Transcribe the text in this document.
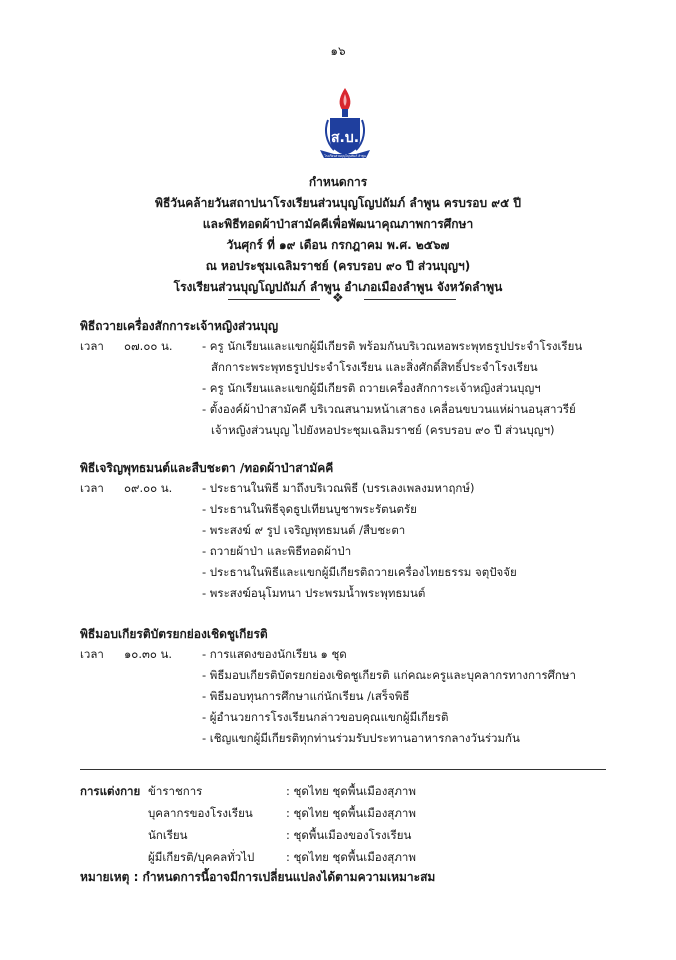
๑๖
ส.บ.
โรงเรียนส่วนบุญโญปถัมภ์ ลำพูน
กำหนดการ
พิธีวันคล้ายวันสถาปนาโรงเรียนส่วนบุญโญปถัมภ์ ลำพูน ครบรอบ ๙๕ ปี
และพิธีทอดผ้าป่าสามัคคีเพื่อพัฒนาคุณภาพการศึกษา
วันศุกร์ ที่ ๑๙ เดือน กรกฎาคม พ.ศ. ๒๕๖๗
ณ หอประชุมเฉลิมราชย์ (ครบรอบ ๙๐ ปี ส่วนบุญฯ)
โรงเรียนส่วนบุญโญปถัมภ์ ลำพูน อำเภอเมืองลำพูน จังหวัดลำพูน
❖
พิธีถวายเครื่องสักการะเจ้าหญิงส่วนบุญ
เวลา ๐๗.๐๐ น.	- ครู นักเรียนและแขกผู้มีเกียรติ พร้อมกันบริเวณหอพระพุทธรูปประจำโรงเรียน
สักการะพระพุทธรูปประจำโรงเรียน และสิ่งศักดิ์สิทธิ์ประจำโรงเรียน
- ครู นักเรียนและแขกผู้มีเกียรติ ถวายเครื่องสักการะเจ้าหญิงส่วนบุญฯ
- ตั้งองค์ผ้าป่าสามัคคี บริเวณสนามหน้าเสาธง เคลื่อนขบวนแห่ผ่านอนุสาวรีย์
เจ้าหญิงส่วนบุญ ไปยังหอประชุมเฉลิมราชย์ (ครบรอบ ๙๐ ปี ส่วนบุญฯ)
พิธีเจริญพุทธมนต์และสืบชะตา /ทอดผ้าป่าสามัคคี
เวลา ๐๙.๐๐ น.	- ประธานในพิธี มาถึงบริเวณพิธี (บรรเลงเพลงมหาฤกษ์)
- ประธานในพิธีจุดธูปเทียนบูชาพระรัตนตรัย
- พระสงฆ์ ๙ รูป เจริญพุทธมนต์ /สืบชะตา
- ถวายผ้าป่า และพิธีทอดผ้าป่า
- ประธานในพิธีและแขกผู้มีเกียรติถวายเครื่องไทยธรรม จตุปัจจัย
- พระสงฆ์อนุโมทนา ประพรมน้ำพระพุทธมนต์
พิธีมอบเกียรติบัตรยกย่องเชิดชูเกียรติ
เวลา ๑๐.๓๐ น.	- การแสดงของนักเรียน ๑ ชุด
- พิธีมอบเกียรติบัตรยกย่องเชิดชูเกียรติ แก่คณะครูและบุคลากรทางการศึกษา
- พิธีมอบทุนการศึกษาแก่นักเรียน /เสร็จพิธี
- ผู้อำนวยการโรงเรียนกล่าวขอบคุณแขกผู้มีเกียรติ
- เชิญแขกผู้มีเกียรติทุกท่านร่วมรับประทานอาหารกลางวันร่วมกัน
การแต่งกาย ข้าราชการ	: ชุดไทย ชุดพื้นเมืองสุภาพ
บุคลากรของโรงเรียน	: ชุดไทย ชุดพื้นเมืองสุภาพ
นักเรียน	: ชุดพื้นเมืองของโรงเรียน
ผู้มีเกียรติ/บุคคลทั่วไป	: ชุดไทย ชุดพื้นเมืองสุภาพ
หมายเหตุ : กำหนดการนี้อาจมีการเปลี่ยนแปลงได้ตามความเหมาะสม
